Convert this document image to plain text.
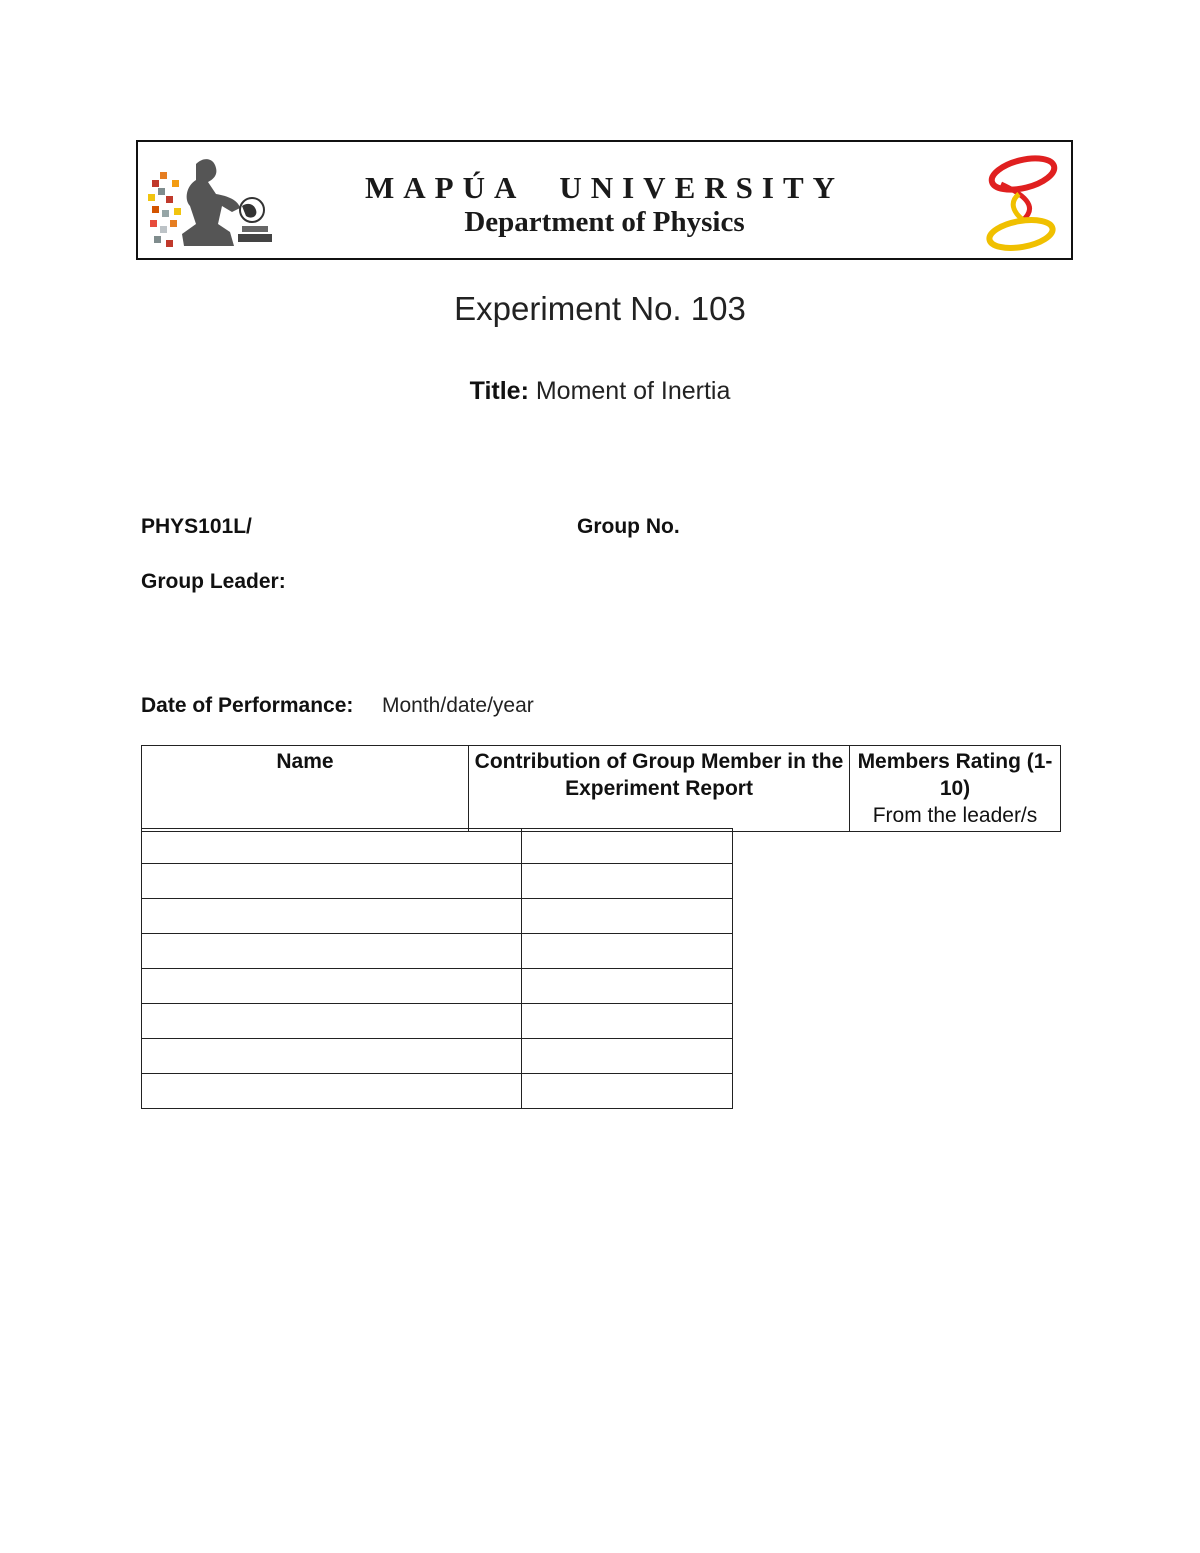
MAPÚA UNIVERSITY
Department of Physics
Experiment No. 103
Title: Moment of Inertia
PHYS101L/	Group No.
Group Leader:
Date of Performance: Month/date/year
Name	Contribution of Group Member in the Experiment Report	Members Rating (1-10)
From the leader/s
